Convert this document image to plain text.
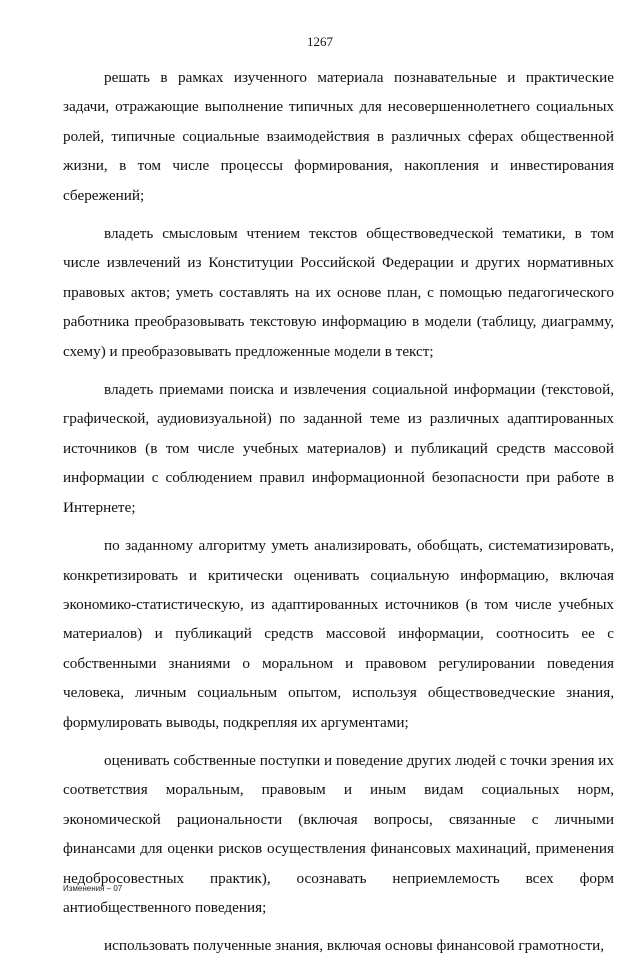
1267

решать в рамках изученного материала познавательные и практические задачи, отражающие выполнение типичных для несовершеннолетнего социальных ролей, типичные социальные взаимодействия в различных сферах общественной жизни, в том числе процессы формирования, накопления и инвестирования сбережений;

владеть смысловым чтением текстов обществоведческой тематики, в том числе извлечений из Конституции Российской Федерации и других нормативных правовых актов; уметь составлять на их основе план, с помощью педагогического работника преобразовывать текстовую информацию в модели (таблицу, диаграмму, схему) и преобразовывать предложенные модели в текст;

владеть приемами поиска и извлечения социальной информации (текстовой, графической, аудиовизуальной) по заданной теме из различных адаптированных источников (в том числе учебных материалов) и публикаций средств массовой информации с соблюдением правил информационной безопасности при работе в Интернете;

по заданному алгоритму уметь анализировать, обобщать, систематизировать, конкретизировать и критически оценивать социальную информацию, включая экономико-статистическую, из адаптированных источников (в том числе учебных материалов) и публикаций средств массовой информации, соотносить ее с собственными знаниями о моральном и правовом регулировании поведения человека, личным социальным опытом, используя обществоведческие знания, формулировать выводы, подкрепляя их аргументами;

оценивать собственные поступки и поведение других людей с точки зрения их соответствия моральным, правовым и иным видам социальных норм, экономической рациональности (включая вопросы, связанные с личными финансами для оценки рисков осуществления финансовых махинаций, применения недобросовестных практик), осознавать неприемлемость всех форм антиобщественного поведения;

использовать полученные знания, включая основы финансовой грамотности,

Изменения – 07
